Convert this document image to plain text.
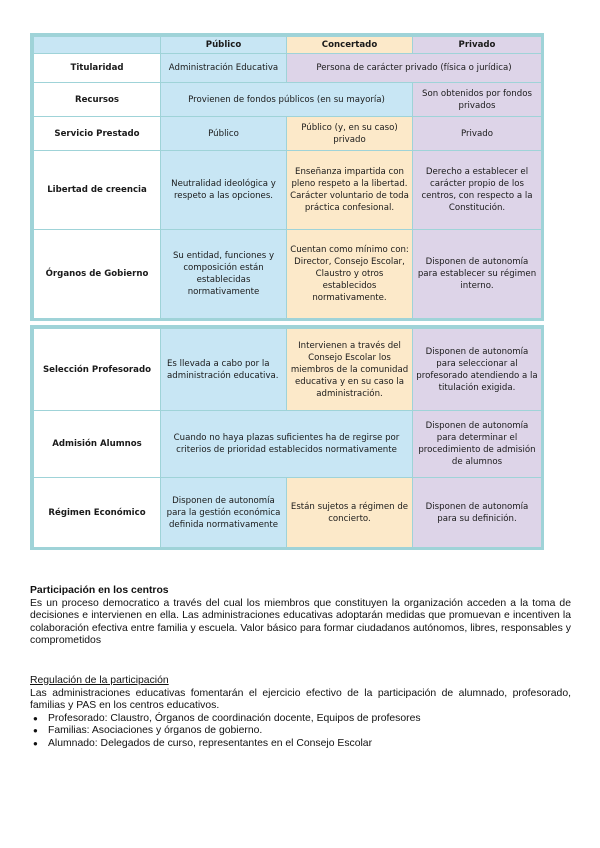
	Público	Concertado	Privado
Titularidad	Administración Educativa	Persona de carácter privado (física o jurídica)	
Recursos	Provienen de fondos públicos (en su mayoría)		Son obtenidos por fondos privados
Servicio Prestado	Público	Público (y, en su caso) privado	Privado
Libertad de creencia	Neutralidad ideológica y respeto a las opciones.	Enseñanza impartida con pleno respeto a la libertad. Carácter voluntario de toda práctica confesional.	Derecho a establecer el carácter propio de los centros, con respecto a la Constitución.
Órganos de Gobierno	Su entidad, funciones y composición están establecidas normativamente	Cuentan como mínimo con: Director, Consejo Escolar, Claustro y otros establecidos normativamente.	Disponen de autonomía para establecer su régimen interno.
Selección Profesorado	Es llevada a cabo por la administración educativa.	Intervienen a través del Consejo Escolar los miembros de la comunidad educativa y en su caso la administración.	Disponen de autonomía para seleccionar al profesorado atendiendo a la titulación exigida.
Admisión Alumnos	Cuando no haya plazas suficientes ha de regirse por criterios de prioridad establecidos normativamente		Disponen de autonomía para determinar el procedimiento de admisión de alumnos
Régimen Económico	Disponen de autonomía para la gestión económica definida normativamente	Están sujetos a régimen de concierto.	Disponen de autonomía para su definición.
Participación en los centros
Es un proceso democratico a través del cual los miembros que constituyen la organización acceden a la toma de decisiones e intervienen en ella. Las administraciones educativas adoptarán medidas que promuevan e incentiven la colaboración efectiva entre familia y escuela. Valor básico para formar ciudadanos autónomos, libres, responsables y comprometidos
Regulación de la participación
Las administraciones educativas fomentarán el ejercicio efectivo de la participación de alumnado, profesorado, familias y PAS en los centros educativos.
● Profesorado: Claustro, Órganos de coordinación docente, Equipos de profesores
● Familias: Asociaciones y órganos de gobierno.
● Alumnado: Delegados de curso, representantes en el Consejo Escolar
